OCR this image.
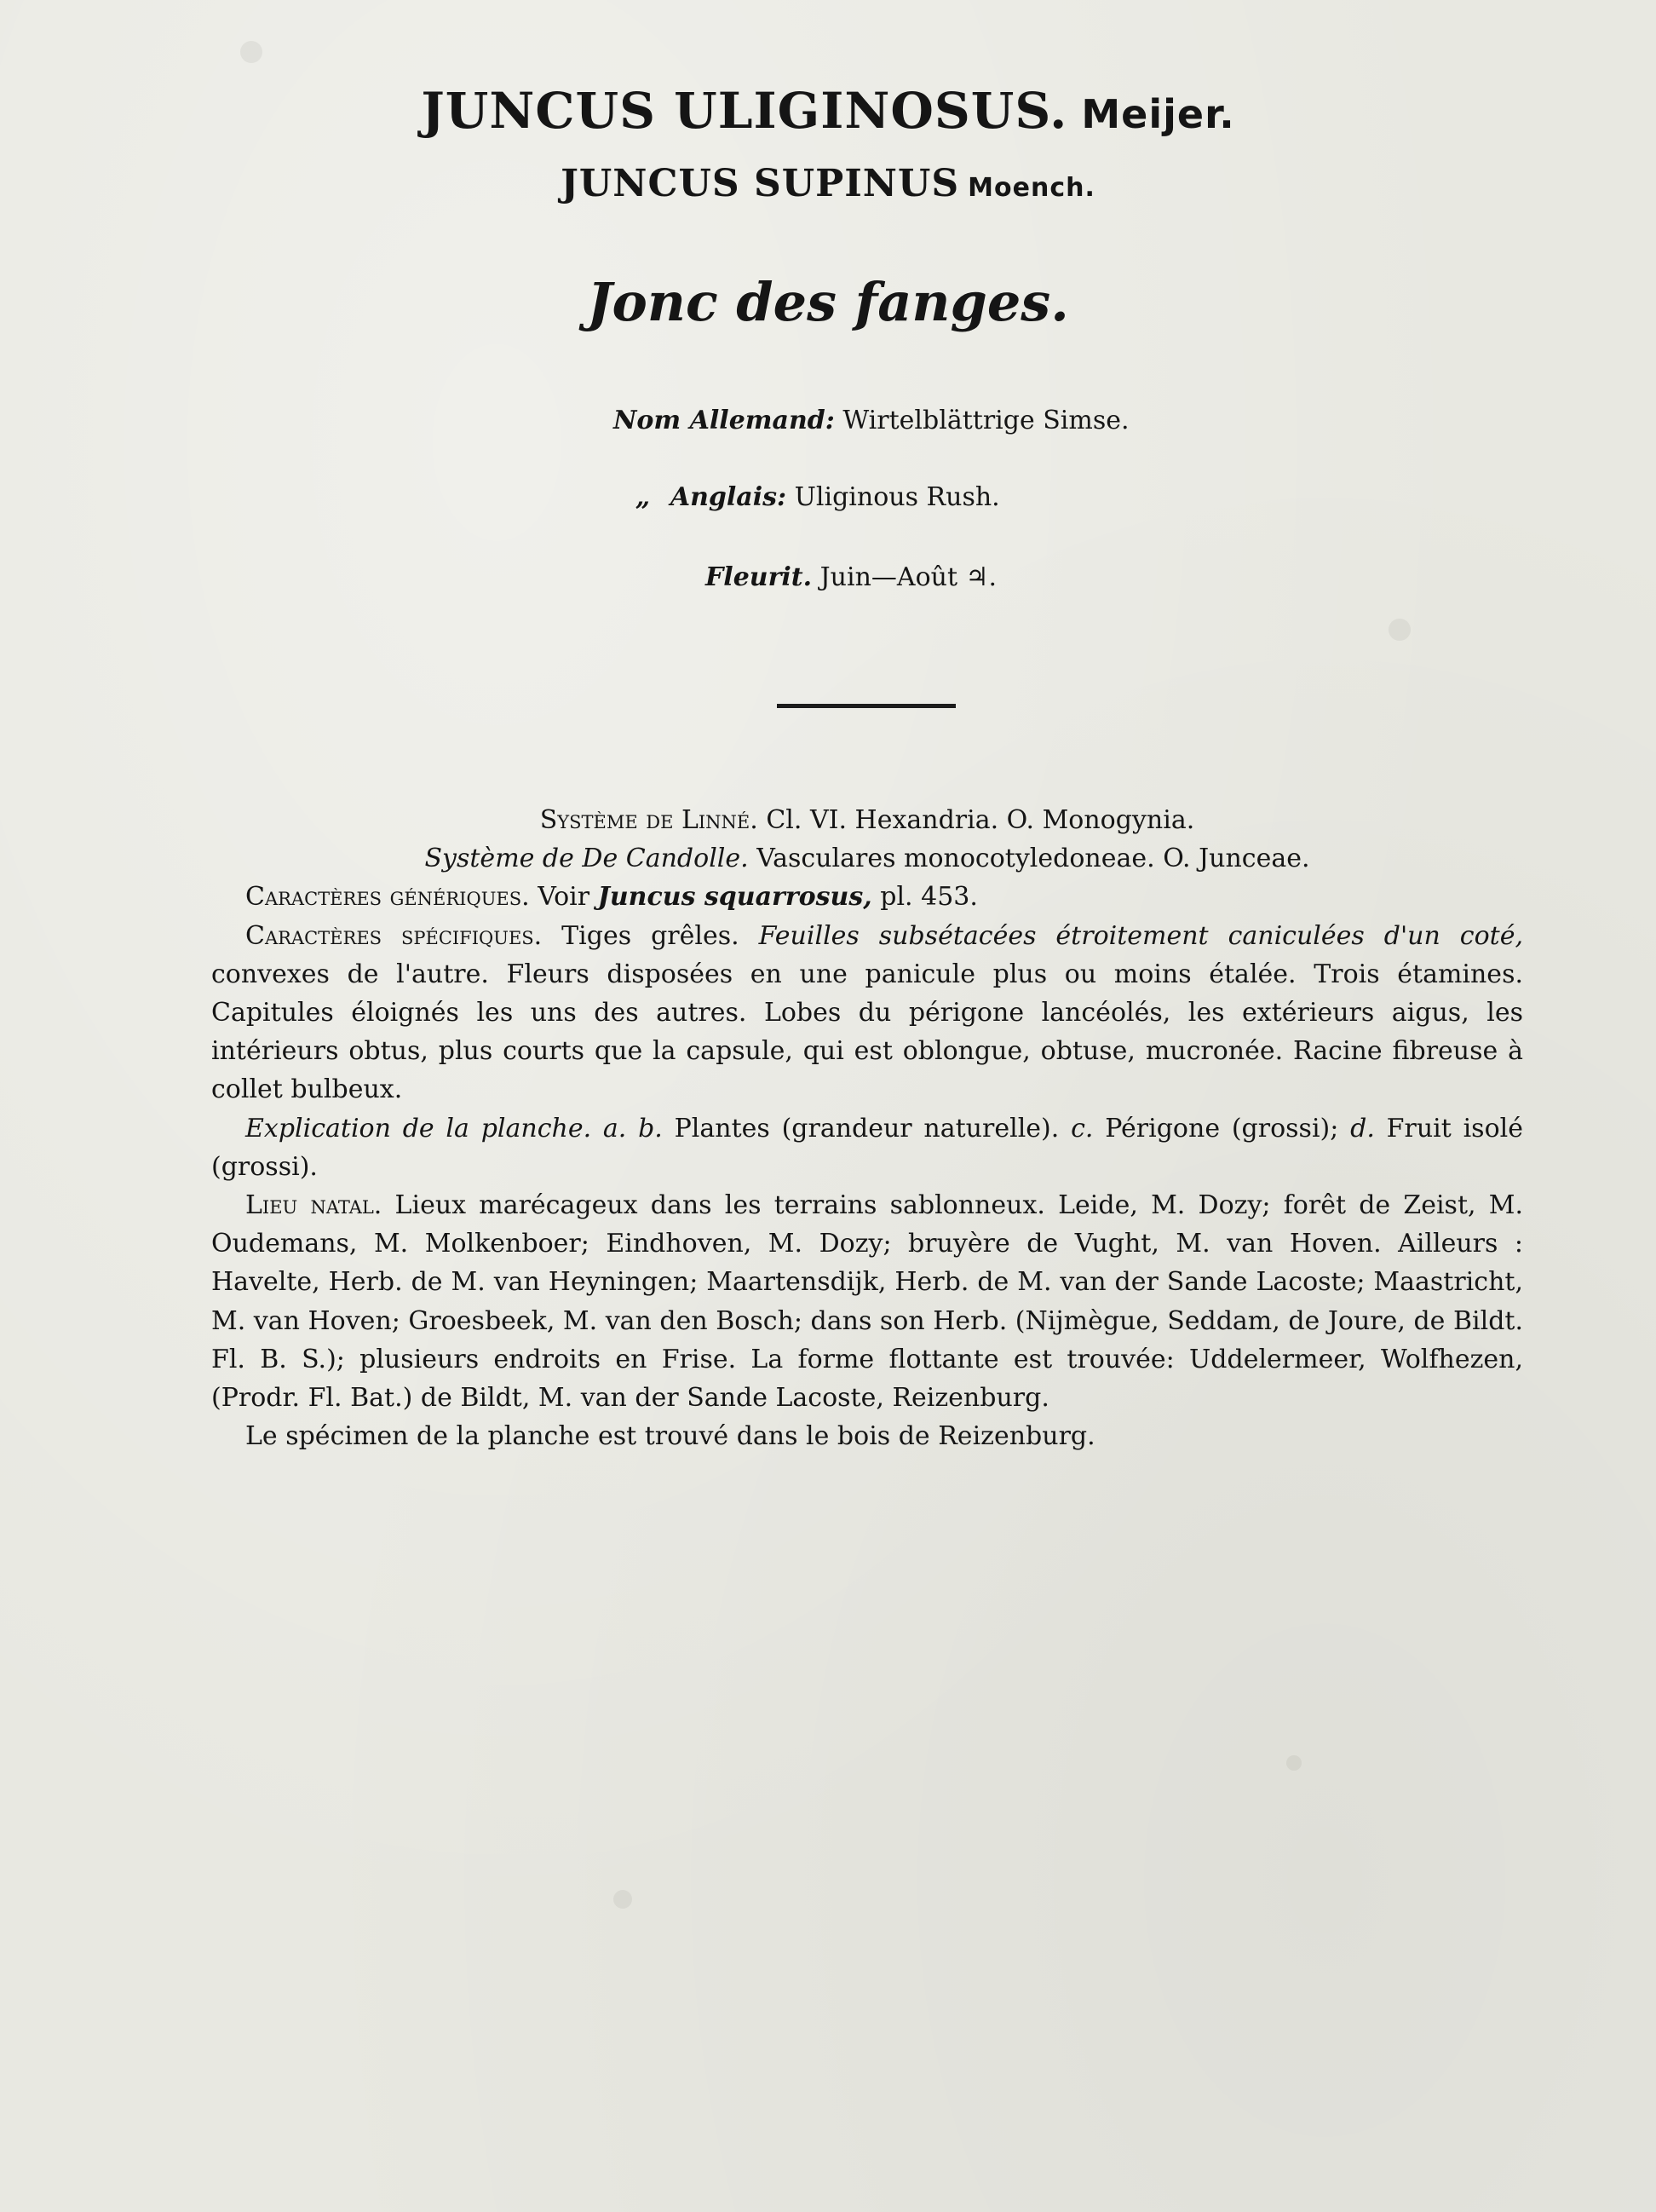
JUNCUS ULIGINOSUS. Meijer.
JUNCUS SUPINUS Moench.
Jonc des fanges.
Nom Allemand: Wirtelblättrige Simse.
„ Anglais: Uliginous Rush.
Fleurit. Juin—Août ♃.

Système de Linné. Cl. VI. Hexandria. O. Monogynia.

Système de De Candolle. Vasculares monocotyledoneae. O. Junceae.

Caractères génériques. Voir Juncus squarrosus, pl. 453.

Caractères spécifiques. Tiges grêles. Feuilles subsétacées étroitement caniculées d'un coté, convexes de l'autre. Fleurs disposées en une panicule plus ou moins étalée. Trois étamines. Capitules éloignés les uns des autres. Lobes du périgone lancéolés, les extérieurs aigus, les intérieurs obtus, plus courts que la capsule, qui est oblongue, obtuse, mucronée. Racine fibreuse à collet bulbeux.

Explication de la planche. a. b. Plantes (grandeur naturelle). c. Périgone (grossi); d. Fruit isolé (grossi).

Lieu natal. Lieux marécageux dans les terrains sablonneux. Leide, M. Dozy; forêt de Zeist, M. Oudemans, M. Molkenboer; Eindhoven, M. Dozy; bruyère de Vught, M. van Hoven. Ailleurs : Havelte, Herb. de M. van Heyningen; Maartensdijk, Herb. de M. van der Sande Lacoste; Maastricht, M. van Hoven; Groesbeek, M. van den Bosch; dans son Herb. (Nijmègue, Seddam, de Joure, de Bildt. Fl. B. S.); plusieurs endroits en Frise. La forme flottante est trouvée: Uddelermeer, Wolfhezen, (Prodr. Fl. Bat.) de Bildt, M. van der Sande Lacoste, Reizenburg.

Le spécimen de la planche est trouvé dans le bois de Reizenburg.
